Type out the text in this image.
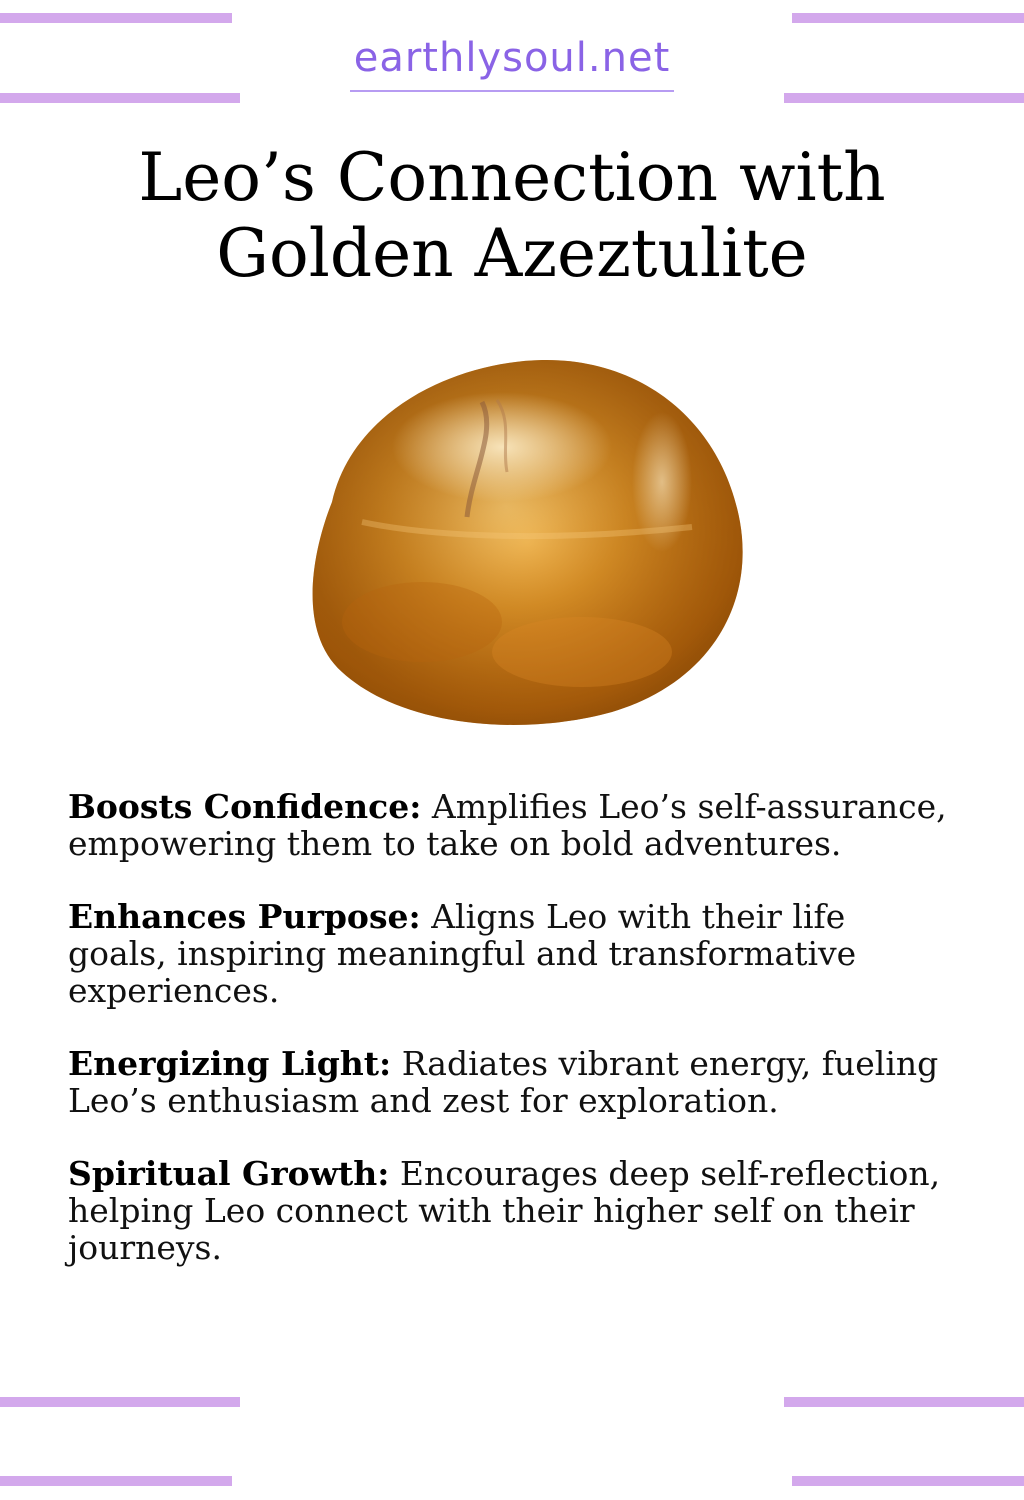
earthlysoul.net
Leo’s Connection with
Golden Azeztulite
Boosts Confidence: Amplifies Leo’s self-assurance, empowering them to take on bold adventures.
Enhances Purpose: Aligns Leo with their life goals, inspiring meaningful and transformative experiences.
Energizing Light: Radiates vibrant energy, fueling Leo’s enthusiasm and zest for exploration.
Spiritual Growth: Encourages deep self-reflection, helping Leo connect with their higher self on their journeys.
